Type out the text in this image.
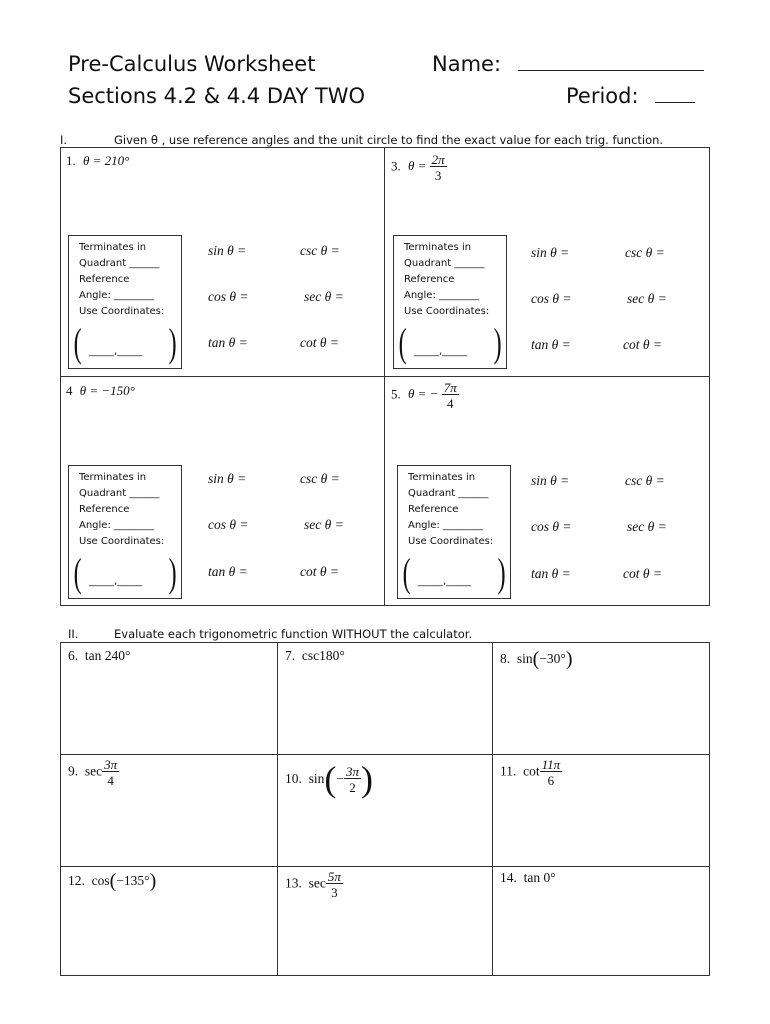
Pre-Calculus Worksheet	Name:
Sections 4.2 & 4.4 DAY TWO	Period:
I.	Given θ , use reference angles and the unit circle to find the exact value for each trig. function.
1. θ = 210°
Terminates in
Quadrant ______
Reference
Angle: ________
Use Coordinates:
( _____,_____ )
sin θ =	csc θ =
cos θ =	sec θ =
tan θ =	cot θ =
3. $\theta = \frac{2\pi}{3}$
Terminates in
Quadrant ______
Reference
Angle: ________
Use Coordinates:
( _____,_____ )
sin θ =	csc θ =
cos θ =	sec θ =
tan θ =	cot θ =
4 θ = −150°
Terminates in
Quadrant ______
Reference
Angle: ________
Use Coordinates:
( _____,_____ )
sin θ =	csc θ =
cos θ =	sec θ =
tan θ =	cot θ =
5. θ = − $\frac{7\pi}{4}$
Terminates in
Quadrant ______
Reference
Angle: ________
Use Coordinates:
( _____,_____ )
sin θ =	csc θ =
cos θ =	sec θ =
tan θ =	cot θ =
II.	Evaluate each trigonometric function WITHOUT the calculator.
6. tan 240°	7. csc180°	8. sin(−30°)
9. $\sec \frac{3\pi}{4}$	10. $\sin(- \frac{3\pi}{2}$ )	11. $\cot \frac{11\pi}{6}$
12. cos(−135°)	13. $\sec \frac{5\pi}{3}$	14. tan 0°
